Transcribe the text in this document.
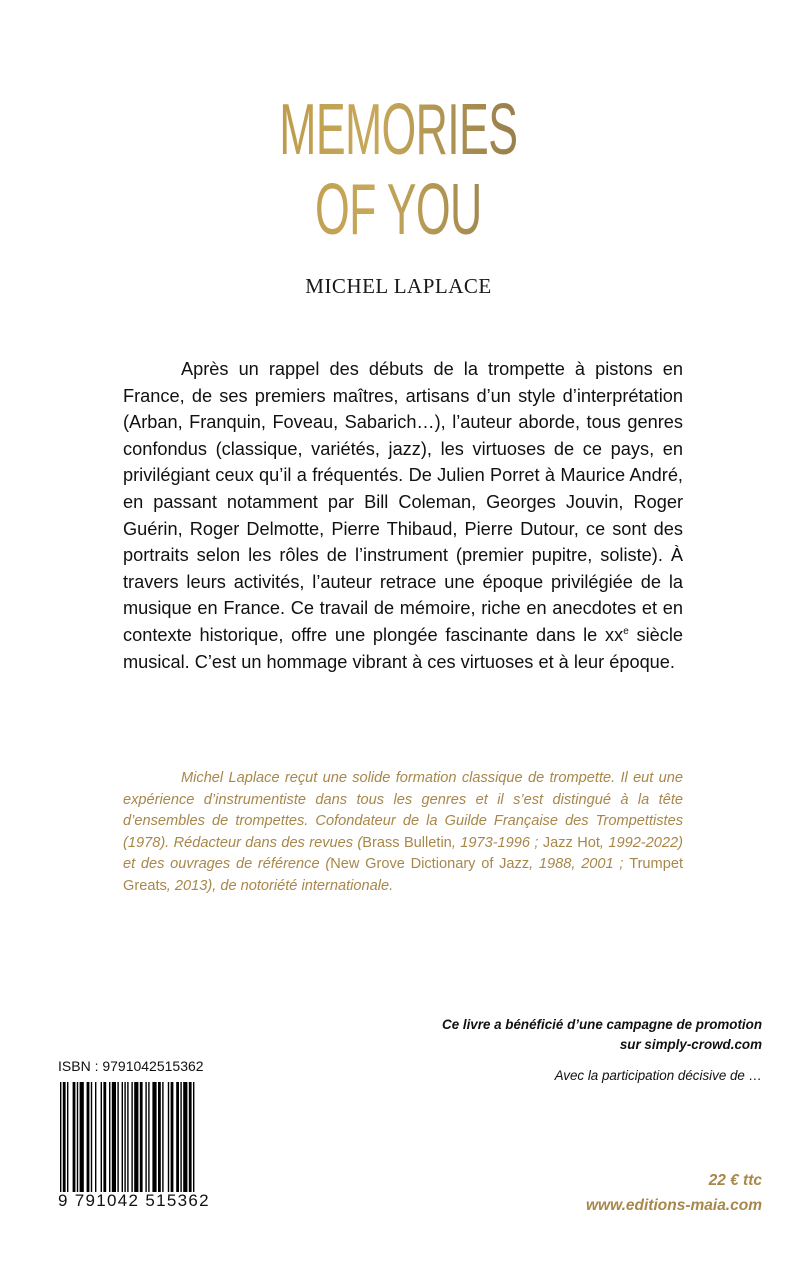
MEMORIES
OF YOU
MICHEL LAPLACE

Après un rappel des débuts de la trompette à pistons en France, de ses premiers maîtres, artisans d’un style d’interprétation (Arban, Franquin, Foveau, Sabarich…), l’auteur aborde, tous genres confondus (classique, variétés, jazz), les virtuoses de ce pays, en privilégiant ceux qu’il a fréquentés. De Julien Porret à Maurice André, en passant notamment par Bill Coleman, Georges Jouvin, Roger Guérin, Roger Delmotte, Pierre Thibaud, Pierre Dutour, ce sont des portraits selon les rôles de l’instrument (premier pupitre, soliste). À travers leurs activités, l’auteur retrace une époque privilégiée de la musique en France. Ce travail de mémoire, riche en anecdotes et en contexte historique, offre une plongée fascinante dans le $xx^e$ siècle musical. C’est un hommage vibrant à ces virtuoses et à leur époque.

Michel Laplace reçut une solide formation classique de trompette. Il eut une expérience d’instrumentiste dans tous les genres et il s’est distingué à la tête d’ensembles de trompettes. Cofondateur de la Guilde Française des Trompettistes (1978). Rédacteur dans des revues (Brass Bulletin, 1973-1996 ; Jazz Hot, 1992-2022) et des ouvrages de référence (New Grove Dictionary of Jazz, 1988, 2001 ; Trumpet Greats, 2013), de notoriété internationale.

Ce livre a bénéficié d’une campagne de promotion
sur simply-crowd.com
Avec la participation décisive de …
ISBN : 9791042515362
9 791042 515362
22 € ttc
www.editions-maia.com
